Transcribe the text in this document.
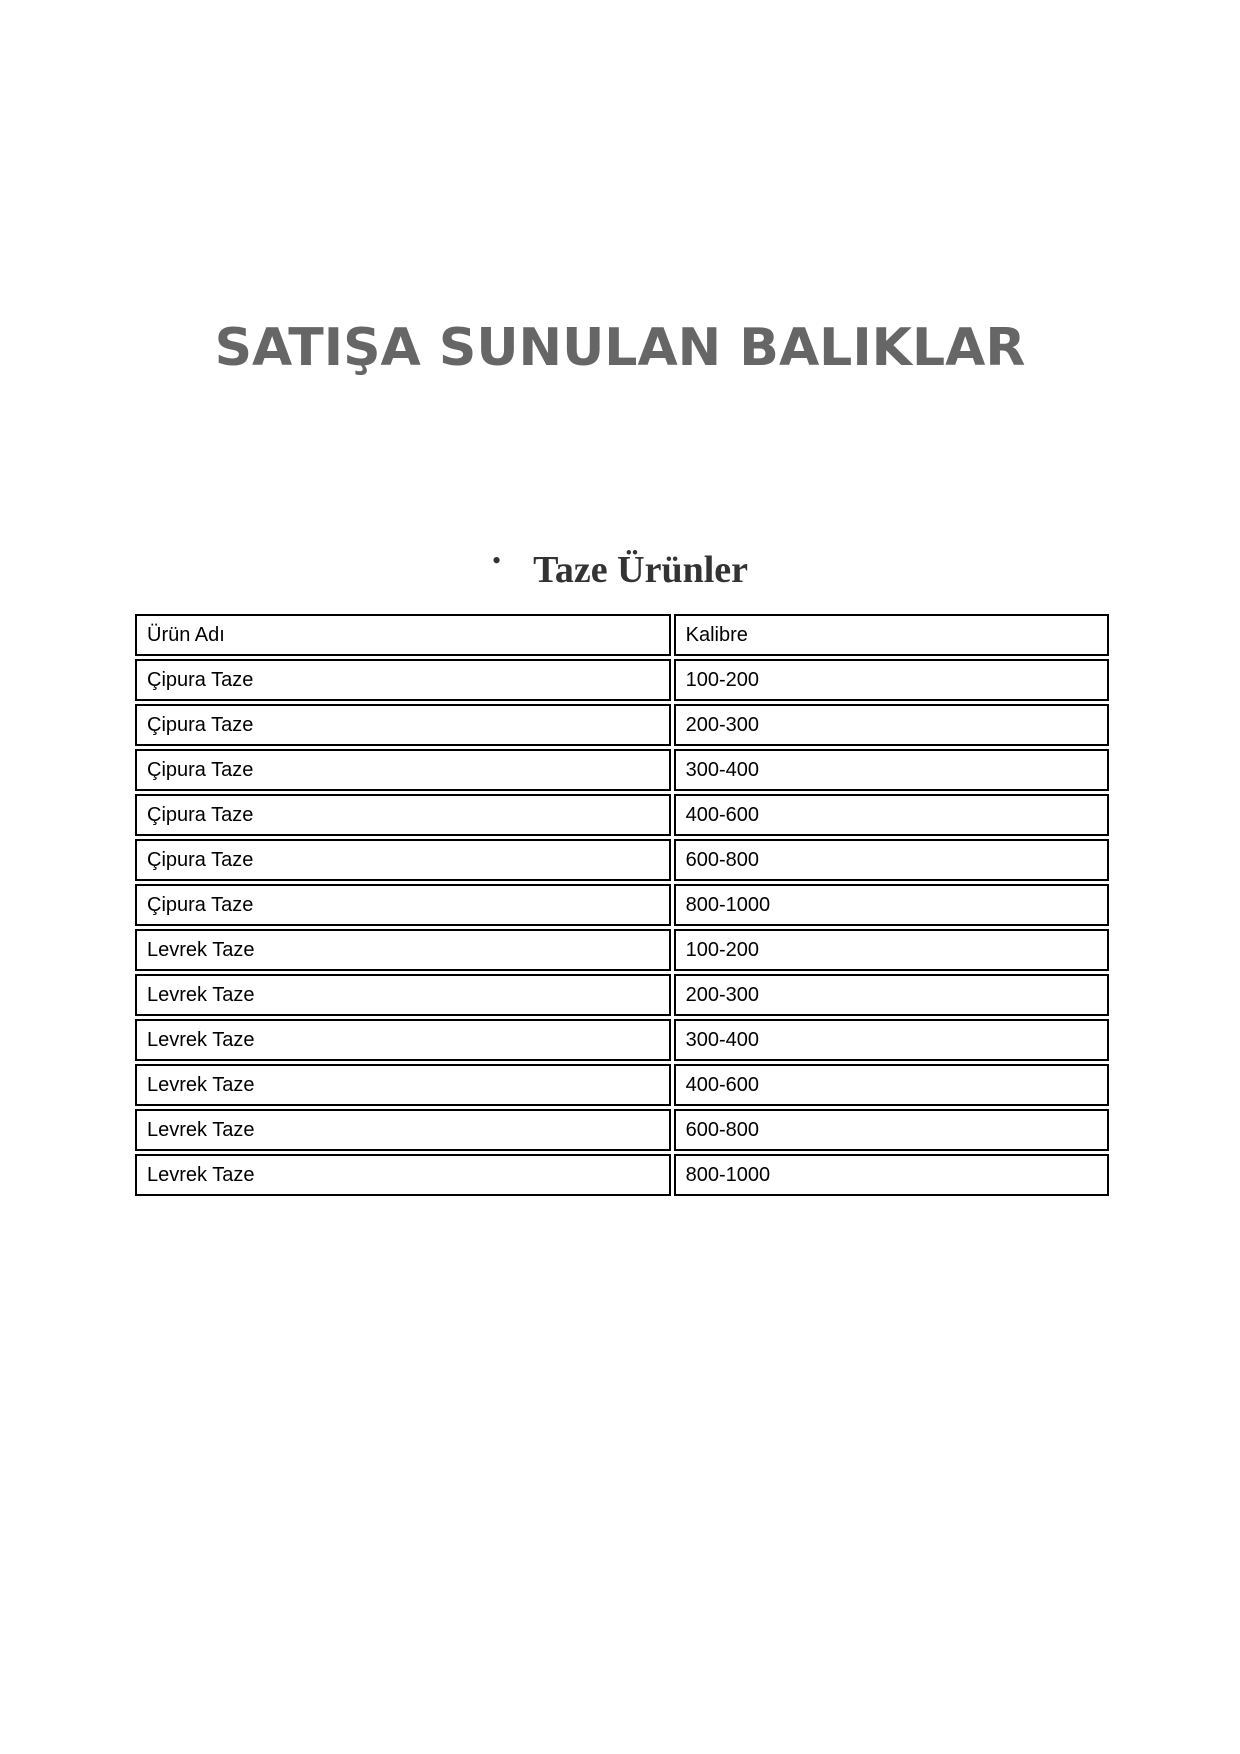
SATIŞA SUNULAN BALIKLAR
• Taze Ürünler
Ürün Adı	Kalibre
Çipura Taze	100-200
Çipura Taze	200-300
Çipura Taze	300-400
Çipura Taze	400-600
Çipura Taze	600-800
Çipura Taze	800-1000
Levrek Taze	100-200
Levrek Taze	200-300
Levrek Taze	300-400
Levrek Taze	400-600
Levrek Taze	600-800
Levrek Taze	800-1000
